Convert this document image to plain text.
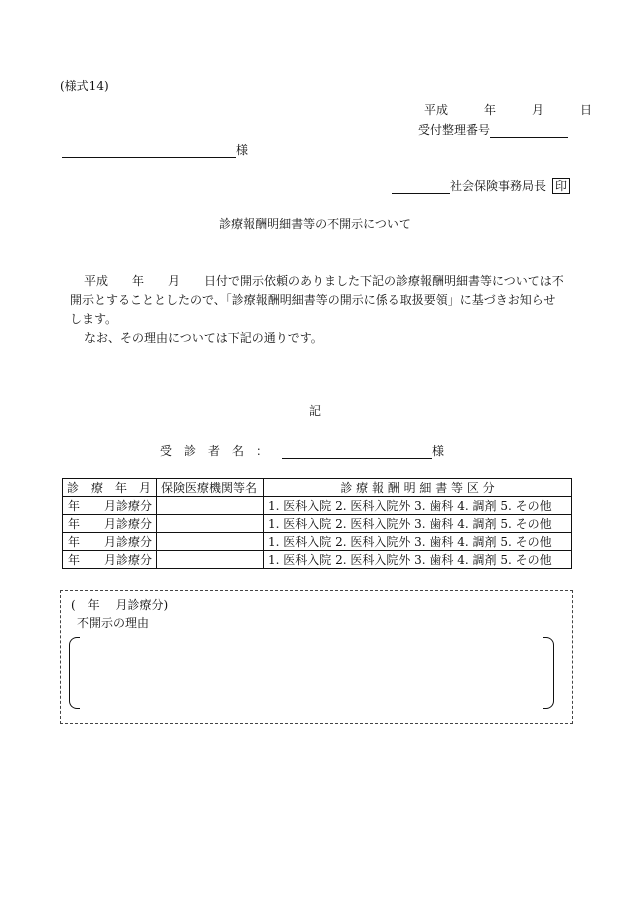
(様式14)
平成　　　年　　　月　　　日
受付整理番号
様
社会保険事務局長 印
診療報酬明細書等の不開示について
平成　　年　　月　　日付で開示依頼のありました下記の診療報酬明細書等については不
開示とすることとしたので、「診療報酬明細書等の開示に係る取扱要領」に基づきお知らせ
します。
なお、その理由については下記の通りです。
記
受　診　者　名　：	様
診　療　年　月	保険医療機関等名	診 療 報 酬 明 細 書 等 区 分
年　　月診療分		1. 医科入院 2. 医科入院外 3. 歯科 4. 調剤 5. その他
年　　月診療分		1. 医科入院 2. 医科入院外 3. 歯科 4. 調剤 5. その他
年　　月診療分		1. 医科入院 2. 医科入院外 3. 歯科 4. 調剤 5. その他
年　　月診療分		1. 医科入院 2. 医科入院外 3. 歯科 4. 調剤 5. その他
(　年　 月診療分)
不開示の理由
